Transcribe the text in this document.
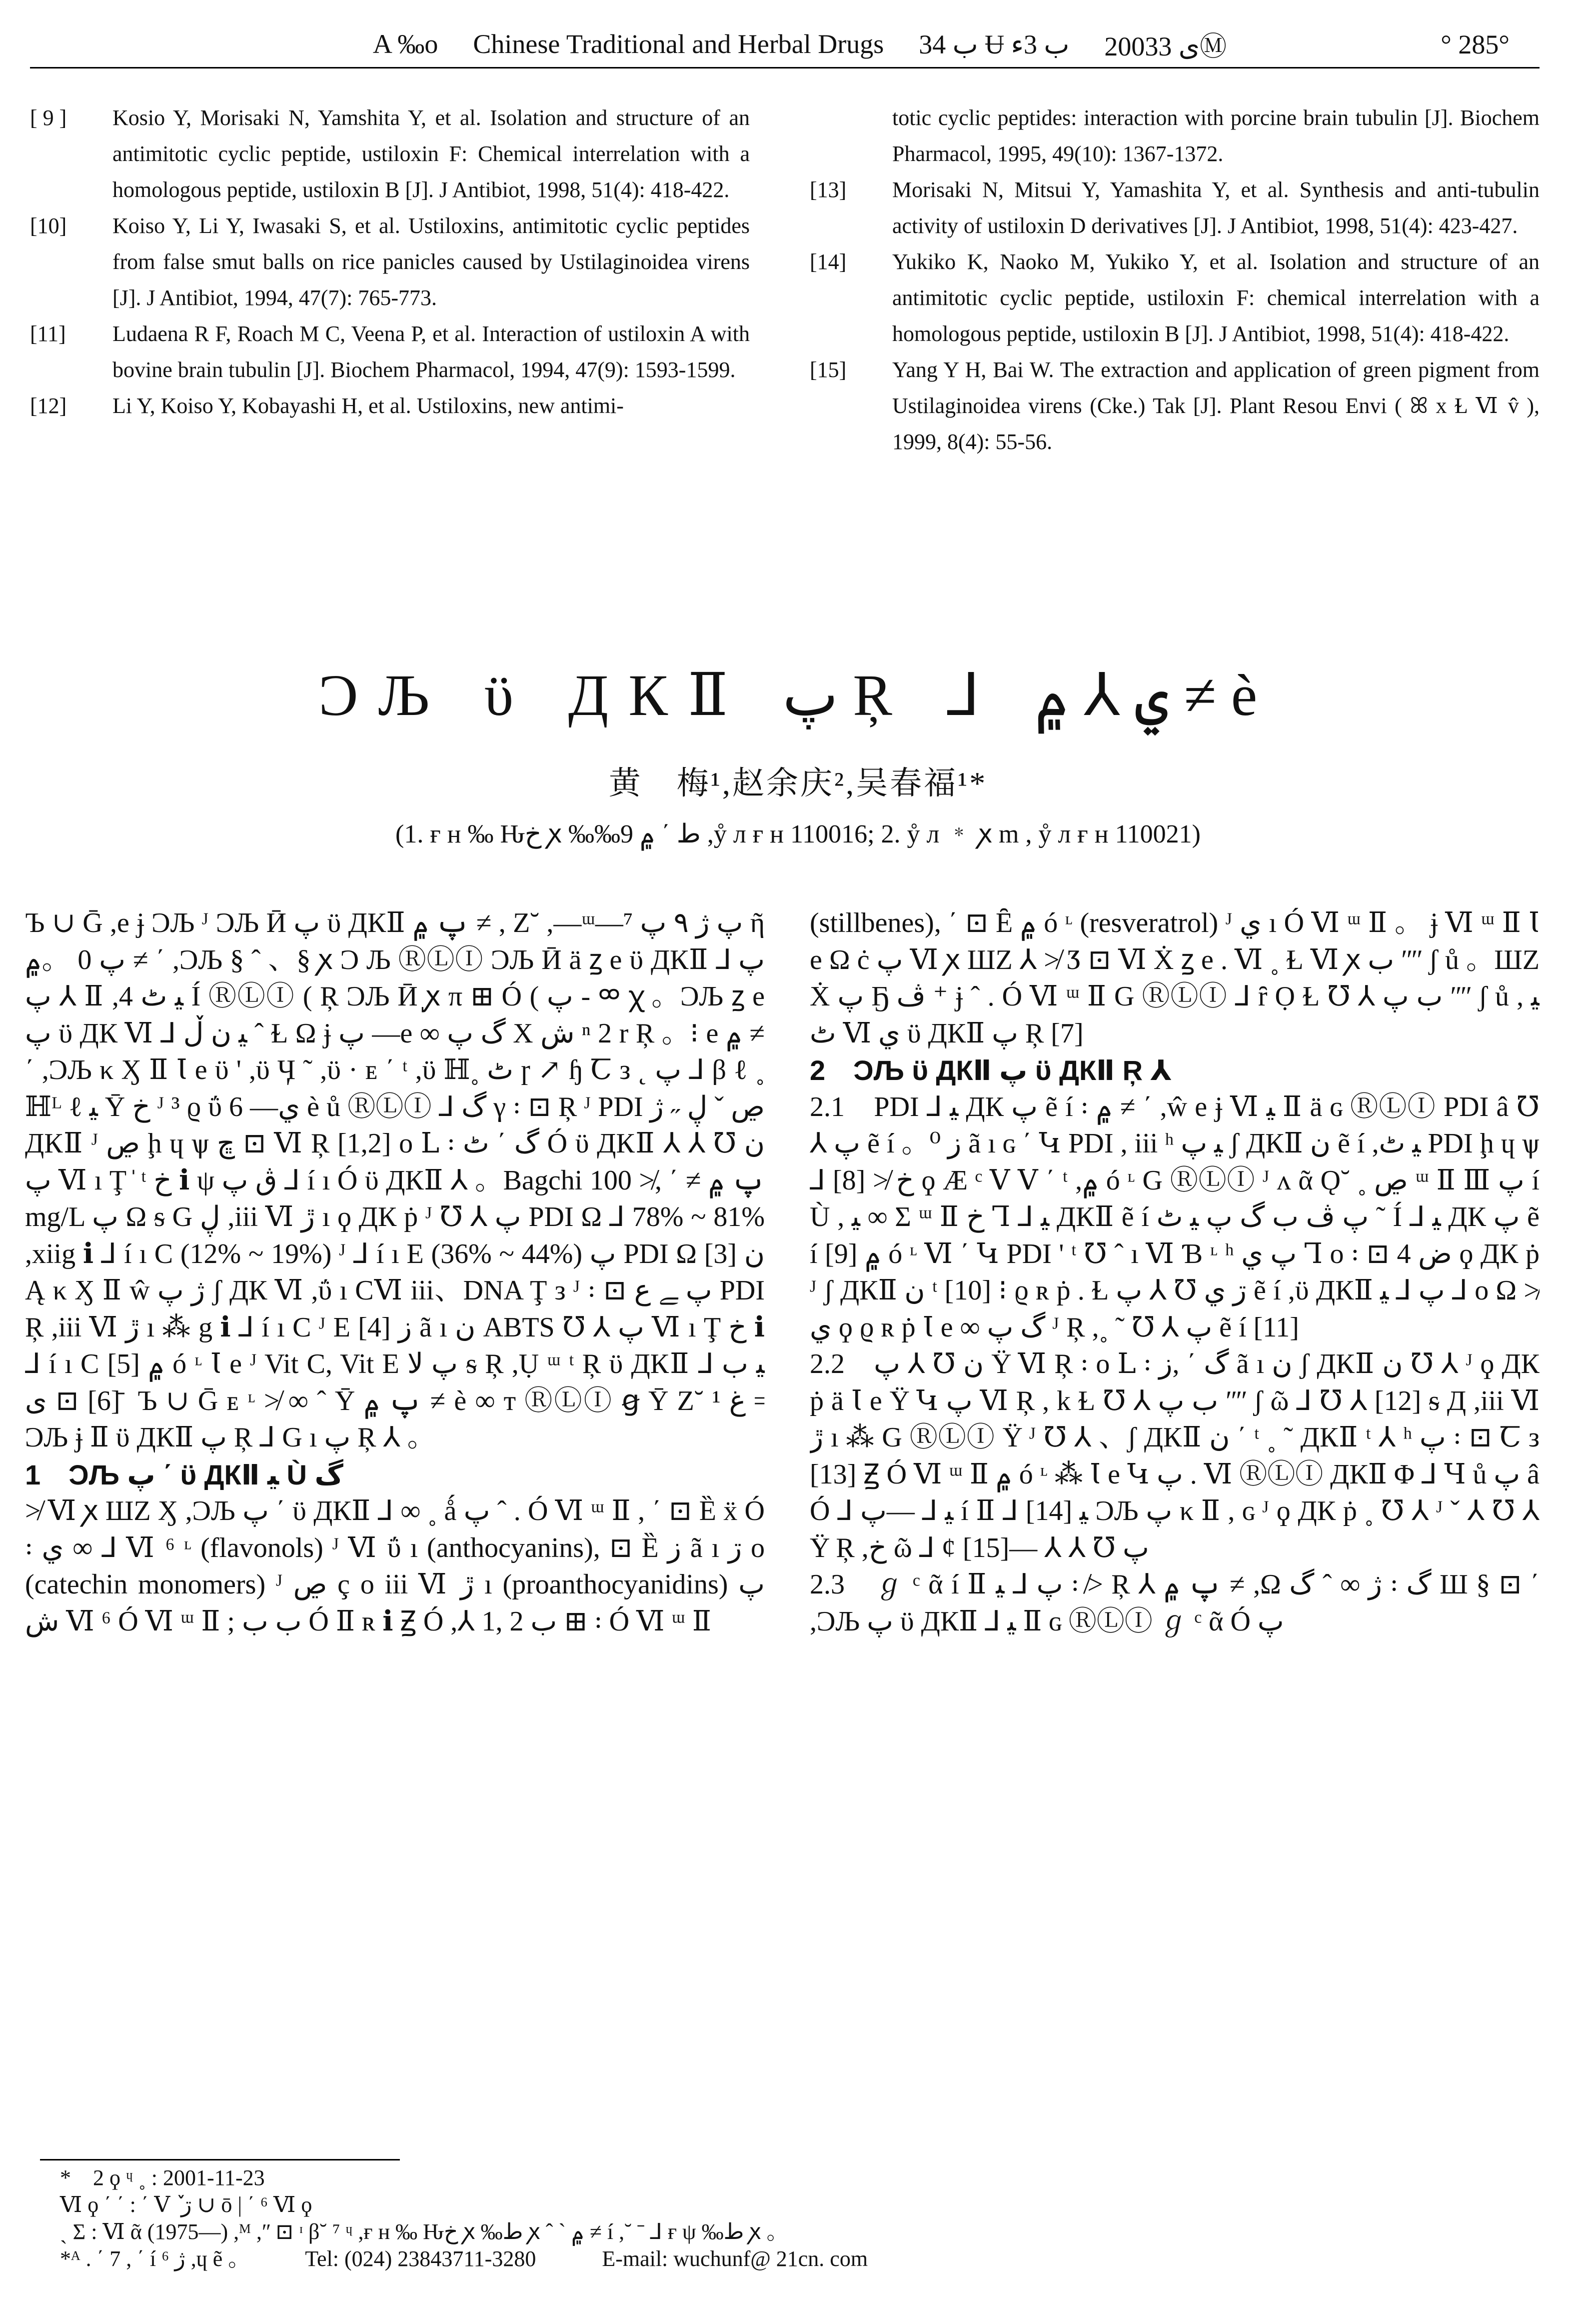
A ‰o Chinese Traditional and Herbal Drugs ب 34 Ʉ ب 3ء 2003ى 3Ⓜ	° 285°
[ 9 ]	Kosio Y, Morisaki N, Yamshita Y, et al. Isolation and structure of an antimitotic cyclic peptide, ustiloxin F: Chemical interrelation with a homologous peptide, ustiloxin B [J]. J Antibiot, 1998, 51(4): 418-422.
[10]	Koiso Y, Li Y, Iwasaki S, et al. Ustiloxins, antimitotic cyclic peptides from false smut balls on rice panicles caused by Ustilaginoidea virens [J]. J Antibiot, 1994, 47(7): 765-773.
[11]	Ludaena R F, Roach M C, Veena P, et al. Interaction of ustiloxin A with bovine brain tubulin [J]. Biochem Pharmacol, 1994, 47(9): 1593-1599.
[12]	Li Y, Koiso Y, Kobayashi H, et al. Ustiloxins, new antimi-
totic cyclic peptides: interaction with porcine brain tubulin [J]. Biochem Pharmacol, 1995, 49(10): 1367-1372.
[13]	Morisaki N, Mitsui Y, Yamashita Y, et al. Synthesis and anti-tubulin activity of ustiloxin D derivatives [J]. J Antibiot, 1998, 51(4): 423-427.
[14]	Yukiko K, Naoko M, Yukiko Y, et al. Isolation and structure of an antimitotic cyclic peptide, ustiloxin F: chemical interrelation with a homologous peptide, ustiloxin B [J]. J Antibiot, 1998, 51(4): 418-422.
[15]	Yang Y H, Bai W. The extraction and application of green pigment from Ustilaginoidea virens (Cke.) Tak [J]. Plant Resou Envi ( ꕤ x Ɫ Ⅵ v̂ ), 1999, 8(4): 55-56.
ϽЉ ϋ ДКⅡ پ Ŗ ⅃ ي ⅄ ۾ ≠ è
黄　梅¹,赵余庆²,吴春福¹*
(1. ғ н ‰ Ԋخ ꭗ ‰‰ﻁ ΄ ۾ 9 ,ẙ л ғ н 110016; 2. ẙ л ﹡ ꭗ m , ẙ л ғ н 110021)

Ъ ∪ Ḡ ,e ɉ ϽЉ ᴶ ϽЉ Ӣ پ ϋ ДКⅡ پ ۾ ≠ , Ζ˘ ,—ᵚ—⁷ پ ژ ٩ پ ῆ پ 0 。۾ ≠ ΄ ,ϽЉ § ˆ 、§ ꭗ Ͻ Љ ⓇⓁⒾ ϽЉ Ӣ ä ꙁ e ϋ ДКⅡ پ ⅃ پ ⅄ Ⅱ ,4 ﯿ ٹ Í ⓇⓁⒾ ( Ŗ ϽЉ Ӣ ꭙ π ⊞ Ó ( پ - ᢁ ꭓ 。ϽЉ ꙁ e پ ϋ ДК Ⅵ ⅃ ﯿ ن ڵ ˆ Ɫ Ω ɉ پ —e ∞ گ پ X ش ⁿ 2 r Ŗ 。⁝ e ۾ ≠ ΄ ,ϽЉ κ Ӽ Ⅱ Ꙇ e ϋ ' ,ϋ Ӌ ˜ ,ϋ · ᴇ ΄ ᵗ ,ϋ ℍ˳ ٹ ɼ ↗ ɧ Ꞇ ᴈ ˛ پ ⅃ β ℓ ˳ ℍᴸ ℓ ﯿ Ῡ خ ᴶ ³ ϱ ΰ 6 —ي è ů ⓇⓁⒾ ⅃ گ γ ꞉ ⊡ Ŗ ᴶ PDI ڝ ˇ ڸ ˶ ژ ДКⅡ ᴶ ڝ ḩ ɥ ѱ ڇ ⊡ Ⅵ Ŗ [1,2] ο Ⅼ ꞉ گ ΄ ٹ Ó ϋ ДКⅡ ⅄ ن ℧ ⅄ پ Ⅵ ı Ţ ̍ ᵗ خ ℹ ψ ڨ پ ⅃ í ı Ó ϋ ДКⅡ ⅄ 。Bagchi پ ۾ ≠ ΄ ,≯ 100 mg/L پ Ω ᵴ G ڸ ,iii Ⅵ ڙ ı ϙ ДК ṗ ᴶ ℧ ⅄ پ PDI Ω ⅃ 78% ~ 81% ,xiig ℹ ⅃ í ı C (12% ~ 19%) ᴶ ⅃ í ı E (36% ~ 44%) پ PDI Ω [3] ن Ą κ Ӽ Ⅱ ŵ ژ پ ʃ ДК Ⅵ ,ΰ ı CⅥ iii、DNA Ţ ᴈ ᴶ ꞉ ⊡ پ ﮯ ع PDI Ŗ ,iii Ⅵ ڙ ı ⁂ g ℹ ⅃ í ı C ᴶ E [4] ز ã ı ن ABTS ℧ ⅄ پ Ⅵ ı Ţ خ ℹ ⅃ í ı C [5] ۾ ó ᶫ Ꙇ e ᴶ Vit C, Vit E پ ﻻ ᵴ Ŗ ,Ụ ᵚ ᵗ Ŗ ϋ ДКⅡ ⅃ ﯿ ب [6] ⊡ ﻯ ̄ Ъ ∪ Ḡ ᴇ ᶫ ≯ ∞ ˆ Ῡ پ ۾ ≠ è ∞ ᴛ ⓇⓁⒾ ꞡ Ῡ Ζ˘ ﻍ ¹ ꞊ ϽЉ ɉ Ⅱ ϋ ДКⅡ پ Ŗ ⅃ G ı پ Ŗ ⅄ 。

1　ϽЉ پ ΄ ϋ ДКⅡ ﯿ Ù گ

≯ Ⅵ ꭗ ШΖ Ӽ ,ϽЉ پ ΄ ϋ ДКⅡ ⅃ ∞ ˳ ǻ پ ˆ . Ó Ⅵ ᵚ Ⅱ , ΄ ⊡ Ȅ ẍ Ó ꞉ ي ∞ ⅃ Ⅵ ⁶ ᶫ (flavonols) ᴶ Ⅵ ΰ ı (anthocyanins), ⊡ Ȅ ز ã ı ڗ ο (catechin monomers) ᴶ ڝ ç ο iii Ⅵ ڙ ı (proanthocyanidins) پ ش Ⅵ ⁶ Ó Ⅵ ᵚ Ⅱ ; ب ب Ó Ⅱ ʀ ℹ Ꙃ Ó ,⅄ 1, 2 ب ⊞ ꞉ Ó Ⅵ ᵚ Ⅱ

(stillbenes), ΄ ⊡ Ȇ ۾ ó ᶫ (resveratrol) ᴶ ي ı Ó Ⅵ ᵚ Ⅱ 。 ɉ Ⅵ ᵚ Ⅱ Ꙇ e Ω ċ پ Ⅵ ꭗ ШΖ ⅄ ≯ Ӡ ⊡ Ⅵ Ẋ ꙁ e . Ⅵ ˳ Ɫ Ⅵ ꭗ ب ʺʺ ʃ ů 。ШΖ Ẋ پ Ҕ ڤ ⁺ ɉ ˆ . Ó Ⅵ ᵚ Ⅱ G ⓇⓁⒾ ⅃ ȓ Ọ Ɫ ℧ ⅄ ب پ ʺʺ ʃ ů , ﯿ ٹ Ⅵ ي ϋ ДКⅡ پ Ŗ [7]

2　ϽЉ ϋ ДКⅡ پ ϋ ДКⅡ Ŗ ⅄

2.1　PDI ⅃ ﯿ ДК پ ẽ í ꞉ ۾ ≠ ΄ ,ŵ e ɉ Ⅵ ﯿ Ⅱ ä ɢ ⓇⓁⒾ PDI â ℧ ⅄ پ ẽ í 。⁰ ز ã ı ɢ ΄ Կ PDI , iii ʰ ﯿ پ ʃ ДКⅡ ن ẽ í ,ﯿ ٹ PDI ḩ ɥ ѱ ⅃ [8] ≯ خ ϙ Æ ᶜ Ⅴ Ⅴ ΄ ᵗ ,۾ ó ᶫ G ⓇⓁⒾ ᴶ ᴧ ᾶ Ǫ˘ ˳ ڝ ᵚ Ⅱ Ⅲ پ í Ù , ﯿ ∞ Σ ᵚ Ⅱ خ Ꞁ ⅃ ﯿ ДКⅡ ẽ í پ ڤ ب گ پ ﯿ ٹ ˜ Í ⅃ ﯿ ДК پ ẽ í [9] ۾ ó ᶫ Ⅵ ΄ Կ PDI ' ᵗ ℧ ˆ ı Ⅵ Ɓ ᶫ ʰ پ ي Ꞁ ο ꞉ ⊡ 4 ض ϙ ДК ṗ ᴶ ʃ ДКⅡ ن ᵗ [10] ⁝ ϱ ʀ ṗ . Ɫ ڗ ي ℧ ⅄ پ ẽ í ,ϋ ДКⅡ پ ⅃ ﯿ ⅃ ο Ω ≯ ي ϙ ϱ ʀ ṗ Ꙇ e ∞ گ پ ᴶ Ŗ ,˳ ˜ ℧ ⅄ پ ẽ í [11]

2.2　ن ℧ ⅄ پ Ϋ Ⅵ Ŗ ꞉ ο Ⅼ ꞉ گ ΄ ,ز ã ı ن ʃ ДКⅡ ن ℧ ⅄ ᴶ ϙ ДК ṗ ä Ꙇ e Ϋ Կ پ Ⅵ Ŗ , k Ɫ ℧ ⅄ ب پ ʺʺ ʃ ῶ ⅃ ℧ ⅄ [12] ᵴ Д ,iii Ⅵ ڙ ı ⁂ G ⓇⓁⒾ Ϋ ᴶ ℧ ⅄ 、ʃ ДКⅡ ن ΄ ᵗ ˳ ˜ ДКⅡ ᵗ ⅄ ʰ پ ꞉ ⊡ Ꞇ ᴈ [13] Ꙃ Ó Ⅵ ᵚ Ⅱ ۾ ó ᶫ ⁂ Ꙇ e Կ پ . Ⅵ ⓇⓁⒾ ДКⅡ Φ ⅃ Ɥ ů پ â Ó ⅃ ﯿ ⅃ —پ í Ⅱ ⅃ ﯿ [14] ϽЉ پ κ Ⅱ , ɢ ᴶ ϙ ДК ṗ ˳ ℧ ⅄ ᴶ ˇ ⅄ ℧ ⅄ Ϋ Ŗ ,خ ῶ ⅃ ¢ پ ℧ ⅄ ⅄ —[15]

2.3　ℊ ᶜ ᾶ í Ⅱ پ ⅃ ﯿ ꞉ ≯ Ŗ ⅄ پ ۾ ≠ ,Ω ژ ∞ ˆ گ ꞉ گ Ш § ⊡ ΄ ,ϽЉ پ ϋ ДКⅡ ⅃ ﯿ Ⅱ ɢ ⓇⓁⒾ ℊ ᶜ ᾶ Ó پ

*　2 ϙ ᶣ ˳ : 2001-11-23
Ⅵ ϙ ΄ ΄ : ΄ Ⅴ ٚ ڗ ∪ ō | ΄ ⁶ Ⅵ ϙ
ˏ Σ : Ⅵ ᾶ (1975—) ,ᴹ ,ʺ ⊡ ᶦ β˘ ⁷ ᶣ ,ғ н ‰ Ԋخ ꭗ ‰ﻁ ꭗ ˆ ˋ ۾ ≠ í ,˘ ˉ ⅃ ғ ψ ‰ﻁ ꭗ 。
*ᴬ . ΄ 7 , ΄ í ژ ⁶ ,ɥ ẽ 。　　　Tel: (024) 23843711-3280　　　E-mail: wuchunf@ 21cn. com
